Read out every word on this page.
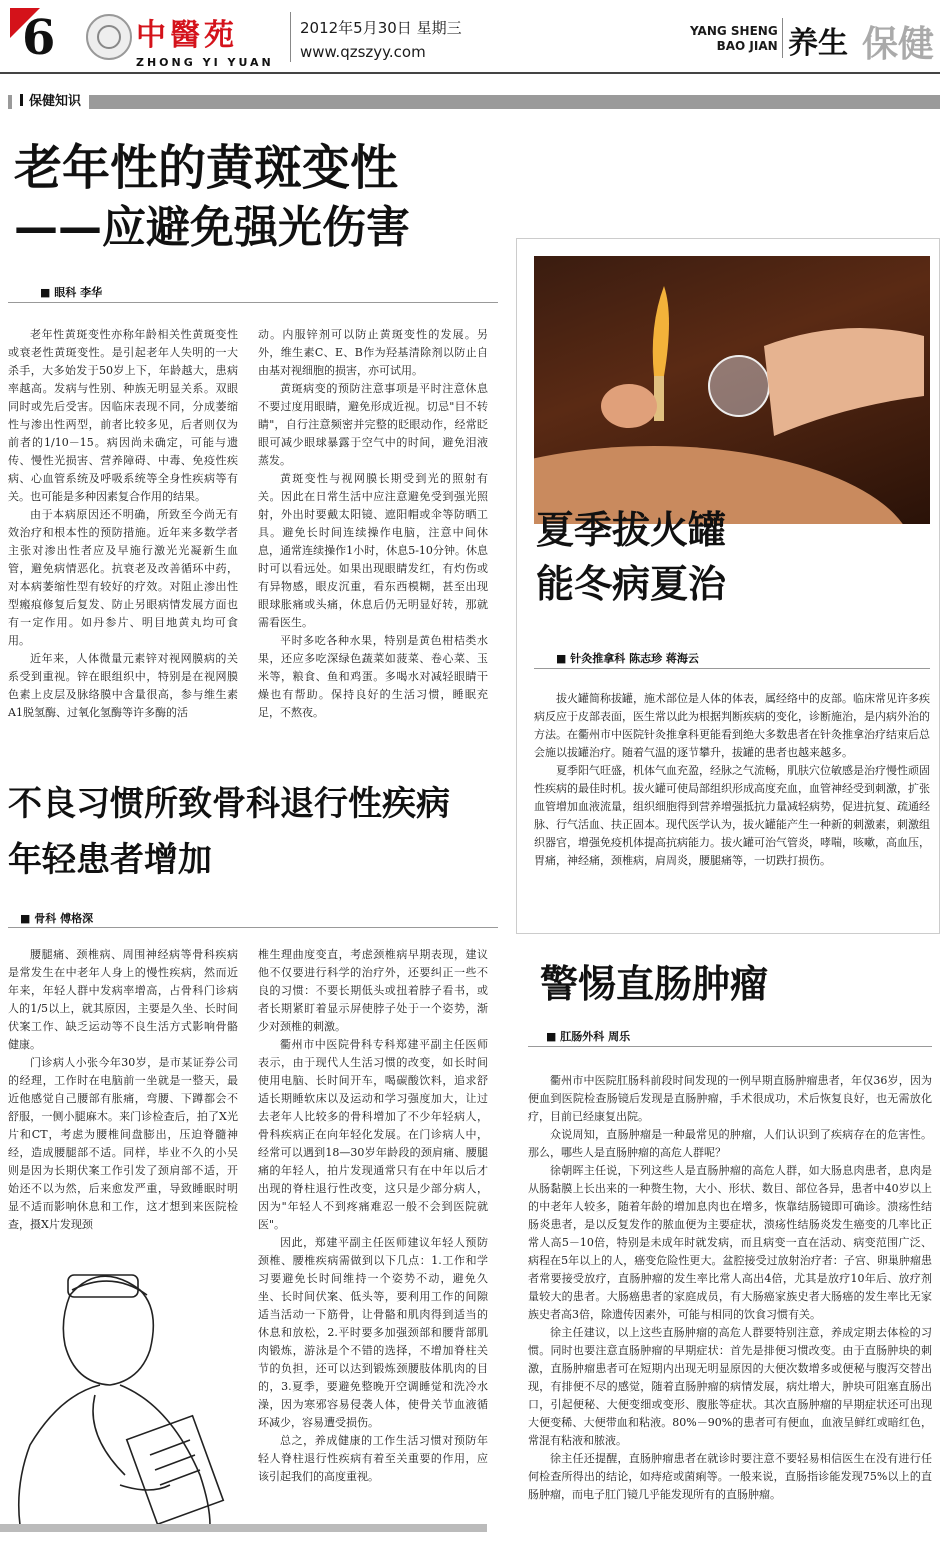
6	中醫苑
ZHONG YI YUAN
2012年5月30日 星期三
www.qzszyy.com
YANG SHENG
BAO JIAN 养生 保健
保健知识
老年性的黄斑变性
——应避免强光伤害
■ 眼科 李华

老年性黄斑变性亦称年龄相关性黄斑变性或衰老性黄斑变性。是引起老年人失明的一大杀手，大多始发于50岁上下，年龄越大，患病率越高。发病与性别、种族无明显关系。双眼同时或先后受害。因临床表现不同，分成萎缩性与渗出性两型，前者比较多见，后者则仅为前者的1/10－15。病因尚未确定，可能与遗传、慢性光损害、营养障碍、中毒、免疫性疾病、心血管系统及呼吸系统等全身性疾病等有关。也可能是多种因素复合作用的结果。

由于本病原因还不明确，所致至今尚无有效治疗和根本性的预防措施。近年来多数学者主张对渗出性者应及早施行激光光凝新生血管，避免病情恶化。抗衰老及改善循环中药，对本病萎缩性型有较好的疗效。对阻止渗出性型瘢痕修复后复发、防止另眼病情发展方面也有一定作用。如丹参片、明目地黄丸均可食用。

近年来，人体微量元素锌对视网膜病的关系受到重视。锌在眼组织中，特别是在视网膜色素上皮层及脉络膜中含量很高，参与维生素A1脱氢酶、过氧化氢酶等许多酶的活

动。内服锌剂可以防止黄斑变性的发展。另外，维生素C、E、B作为羟基清除剂以防止自由基对视细胞的损害，亦可试用。

黄斑病变的预防注意事项是平时注意休息不要过度用眼睛，避免形成近视。切忌"目不转睛"，自行注意频密并完整的眨眼动作，经常眨眼可减少眼球暴露于空气中的时间，避免泪液蒸发。

黄斑变性与视网膜长期受到光的照射有关。因此在日常生活中应注意避免受到强光照射，外出时要戴太阳镜、遮阳帽或伞等防晒工具。避免长时间连续操作电脑，注意中间休息，通常连续操作1小时，休息5-10分钟。休息时可以看远处。如果出现眼睛发红，有灼伤或有异物感，眼皮沉重，看东西模糊，甚至出现眼球胀痛或头痛，休息后仍无明显好转，那就需看医生。

平时多吃各种水果，特别是黄色柑桔类水果，还应多吃深绿色蔬菜如菠菜、卷心菜、玉米等，粮食、鱼和鸡蛋。多喝水对减轻眼睛干燥也有帮助。保持良好的生活习惯，睡眠充足，不熬夜。

不良习惯所致骨科退行性疾病
年轻患者增加
■ 骨科 傅格深

腰腿痛、颈椎病、周围神经病等骨科疾病是常发生在中老年人身上的慢性疾病，然而近年来，年轻人群中发病率增高，占骨科门诊病人的1/5以上，就其原因，主要是久坐、长时间伏案工作、缺乏运动等不良生活方式影响骨骼健康。

门诊病人小张今年30岁，是市某证券公司的经理，工作时在电脑前一坐就是一整天，最近他感觉自己腰部有胀痛，弯腰、下蹲都会不舒服，一侧小腿麻木。来门诊检查后，拍了X光片和CT，考虑为腰椎间盘膨出，压迫脊髓神经，造成腰腿部不适。同样，毕业不久的小吴则是因为长期伏案工作引发了颈肩部不适，开始还不以为然，后来愈发严重，导致睡眠时明显不适而影响休息和工作，这才想到来医院检查，摄X片发现颈

椎生理曲度变直，考虑颈椎病早期表现，建议他不仅要进行科学的治疗外，还要纠正一些不良的习惯：不要长期低头或扭着脖子看书，或者长期紧盯着显示屏使脖子处于一个姿势，渐少对颈椎的刺激。

衢州市中医院骨科专科郑建平副主任医师表示，由于现代人生活习惯的改变，如长时间使用电脑、长时间开车，喝碳酸饮料，追求舒适长期睡软床以及运动和学习强度加大，让过去老年人比较多的骨科增加了不少年轻病人，骨科疾病正在向年轻化发展。在门诊病人中，经常可以遇到18—30岁年龄段的颈肩痛、腰腿痛的年轻人，拍片发现通常只有在中年以后才出现的脊柱退行性改变，这只是少部分病人，因为"年轻人不到疼痛难忍一般不会到医院就医"。

因此，郑建平副主任医师建议年轻人预防颈椎、腰椎疾病需做到以下几点：1.工作和学习要避免长时间维持一个姿势不动，避免久坐、长时间伏案、低头等，要利用工作的间隙适当活动一下筋骨，让骨骼和肌肉得到适当的休息和放松，2.平时要多加强颈部和腰背部肌肉锻炼，游泳是个不错的选择，不增加脊柱关节的负担，还可以达到锻炼颈腰肢体肌肉的目的，3.夏季，要避免整晚开空调睡觉和洗冷水澡，因为寒邪容易侵袭人体，使骨关节血液循环减少，容易遭受损伤。

总之，养成健康的工作生活习惯对预防年轻人脊柱退行性疾病有着至关重要的作用，应该引起我们的高度重视。

夏季拔火罐
能冬病夏治
■ 针灸推拿科 陈志珍 蒋海云

拔火罐简称拔罐，施术部位是人体的体表，属经络中的皮部。临床常见许多疾病反应于皮部表面，医生常以此为根据判断疾病的变化，诊断施治，是内病外治的方法。在衢州市中医院针灸推拿科更能看到绝大多数患者在针灸推拿治疗结束后总会施以拔罐治疗。随着气温的逐节攀升，拔罐的患者也越来越多。

夏季阳气旺盛，机体气血充盈，经脉之气流畅，肌肤穴位敏感是治疗慢性顽固性疾病的最佳时机。拔火罐可使局部组织形成高度充血，血管神经受到刺激，扩张血管增加血液流量，组织细胞得到营养增强抵抗力量减轻病势，促进抗复、疏通经脉、行气活血、扶正固本。现代医学认为，拔火罐能产生一种新的刺激素，刺激组织器官，增强免疫机体提高抗病能力。拔火罐可治气管炎，哮喘，咳嗽，高血压，胃痛，神经痛，颈椎病，肩周炎，腰腿痛等，一切跌打损伤。

警惕直肠肿瘤
■ 肛肠外科 周乐

衢州市中医院肛肠科前段时间发现的一例早期直肠肿瘤患者，年仅36岁，因为便血到医院检查肠镜后发现是直肠肿瘤，手术很成功，术后恢复良好，也无需放化疗，目前已经康复出院。

众说周知，直肠肿瘤是一种最常见的肿瘤，人们认识到了疾病存在的危害性。那么，哪些人是直肠肿瘤的高危人群呢？

徐朝晖主任说，下列这些人是直肠肿瘤的高危人群，如大肠息肉患者，息肉是从肠黏膜上长出来的一种赘生物，大小、形状、数目、部位各异，患者中40岁以上的中老年人较多，随着年龄的增加息肉也在增多，恢靠结肠镜即可确诊。溃疡性结肠炎患者，是以反复发作的脓血便为主要症状，溃疡性结肠炎发生癌变的几率比正常人高5－10倍，特别是未成年时就发病，而且病变一直在活动、病变范围广泛、病程在5年以上的人，癌变危险性更大。盆腔接受过放射治疗者：子宫、卵巢肿瘤患者常要接受放疗，直肠肿瘤的发生率比常人高出4倍，尤其是放疗10年后、放疗剂量较大的患者。大肠癌患者的家庭成员，有大肠癌家族史者大肠癌的发生率比无家族史者高3倍，除遗传因素外，可能与相同的饮食习惯有关。

徐主任建议，以上这些直肠肿瘤的高危人群要特别注意，养成定期去体检的习惯。同时也要注意直肠肿瘤的早期症状：首先是排便习惯改变。由于直肠肿块的刺激，直肠肿瘤患者可在短期内出现无明显原因的大便次数增多或便秘与腹泻交替出现，有排便不尽的感觉，随着直肠肿瘤的病情发展，病灶增大，肿块可阻塞直肠出口，引起便秘、大便变细或变形、腹胀等症状。其次直肠肿瘤的早期症状还可出现大便变稀、大便带血和粘液。80%－90%的患者可有便血，血液呈鲜红或暗红色，常混有粘液和脓液。

徐主任还提醒，直肠肿瘤患者在就诊时要注意不要轻易相信医生在没有进行任何检查所得出的结论，如痔疮或菌痢等。一般来说，直肠指诊能发现75%以上的直肠肿瘤，而电子肛门镜几乎能发现所有的直肠肿瘤。
